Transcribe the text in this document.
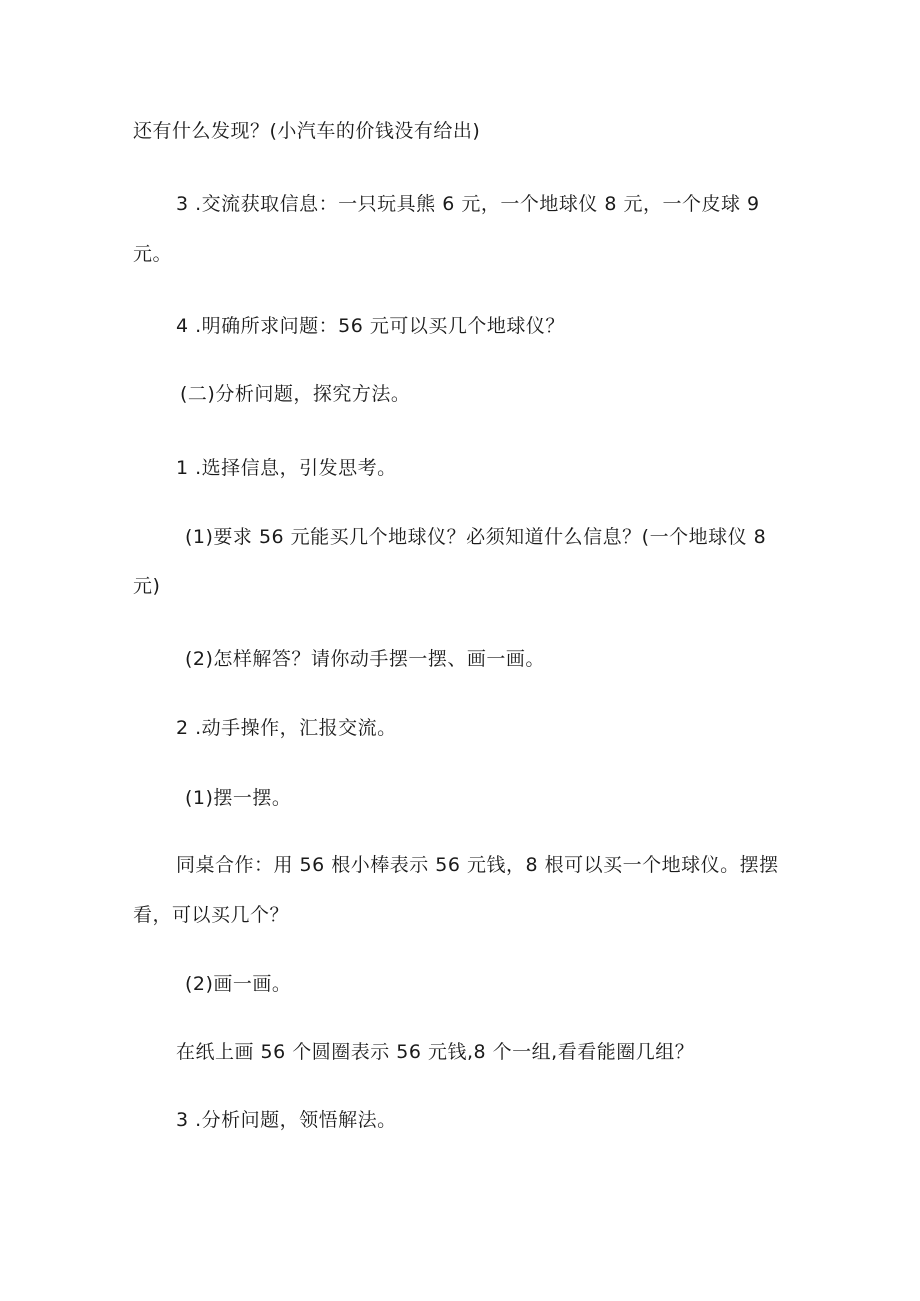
还有什么发现？(小汽车的价钱没有给出)
3 .交流获取信息：一只玩具熊 6 元，一个地球仪 8 元，一个皮球 9
元。
4 .明确所求问题：56 元可以买几个地球仪？
(二)分析问题，探究方法。
1 .选择信息，引发思考。
(1)要求 56 元能买几个地球仪？必须知道什么信息？(一个地球仪 8
元)
(2)怎样解答？请你动手摆一摆、画一画。
2 .动手操作，汇报交流。
(1)摆一摆。
同桌合作：用 56 根小棒表示 56 元钱，8 根可以买一个地球仪。摆摆
看，可以买几个？
(2)画一画。
在纸上画 56 个圆圈表示 56 元钱,8 个一组,看看能圈几组？
3 .分析问题，领悟解法。
